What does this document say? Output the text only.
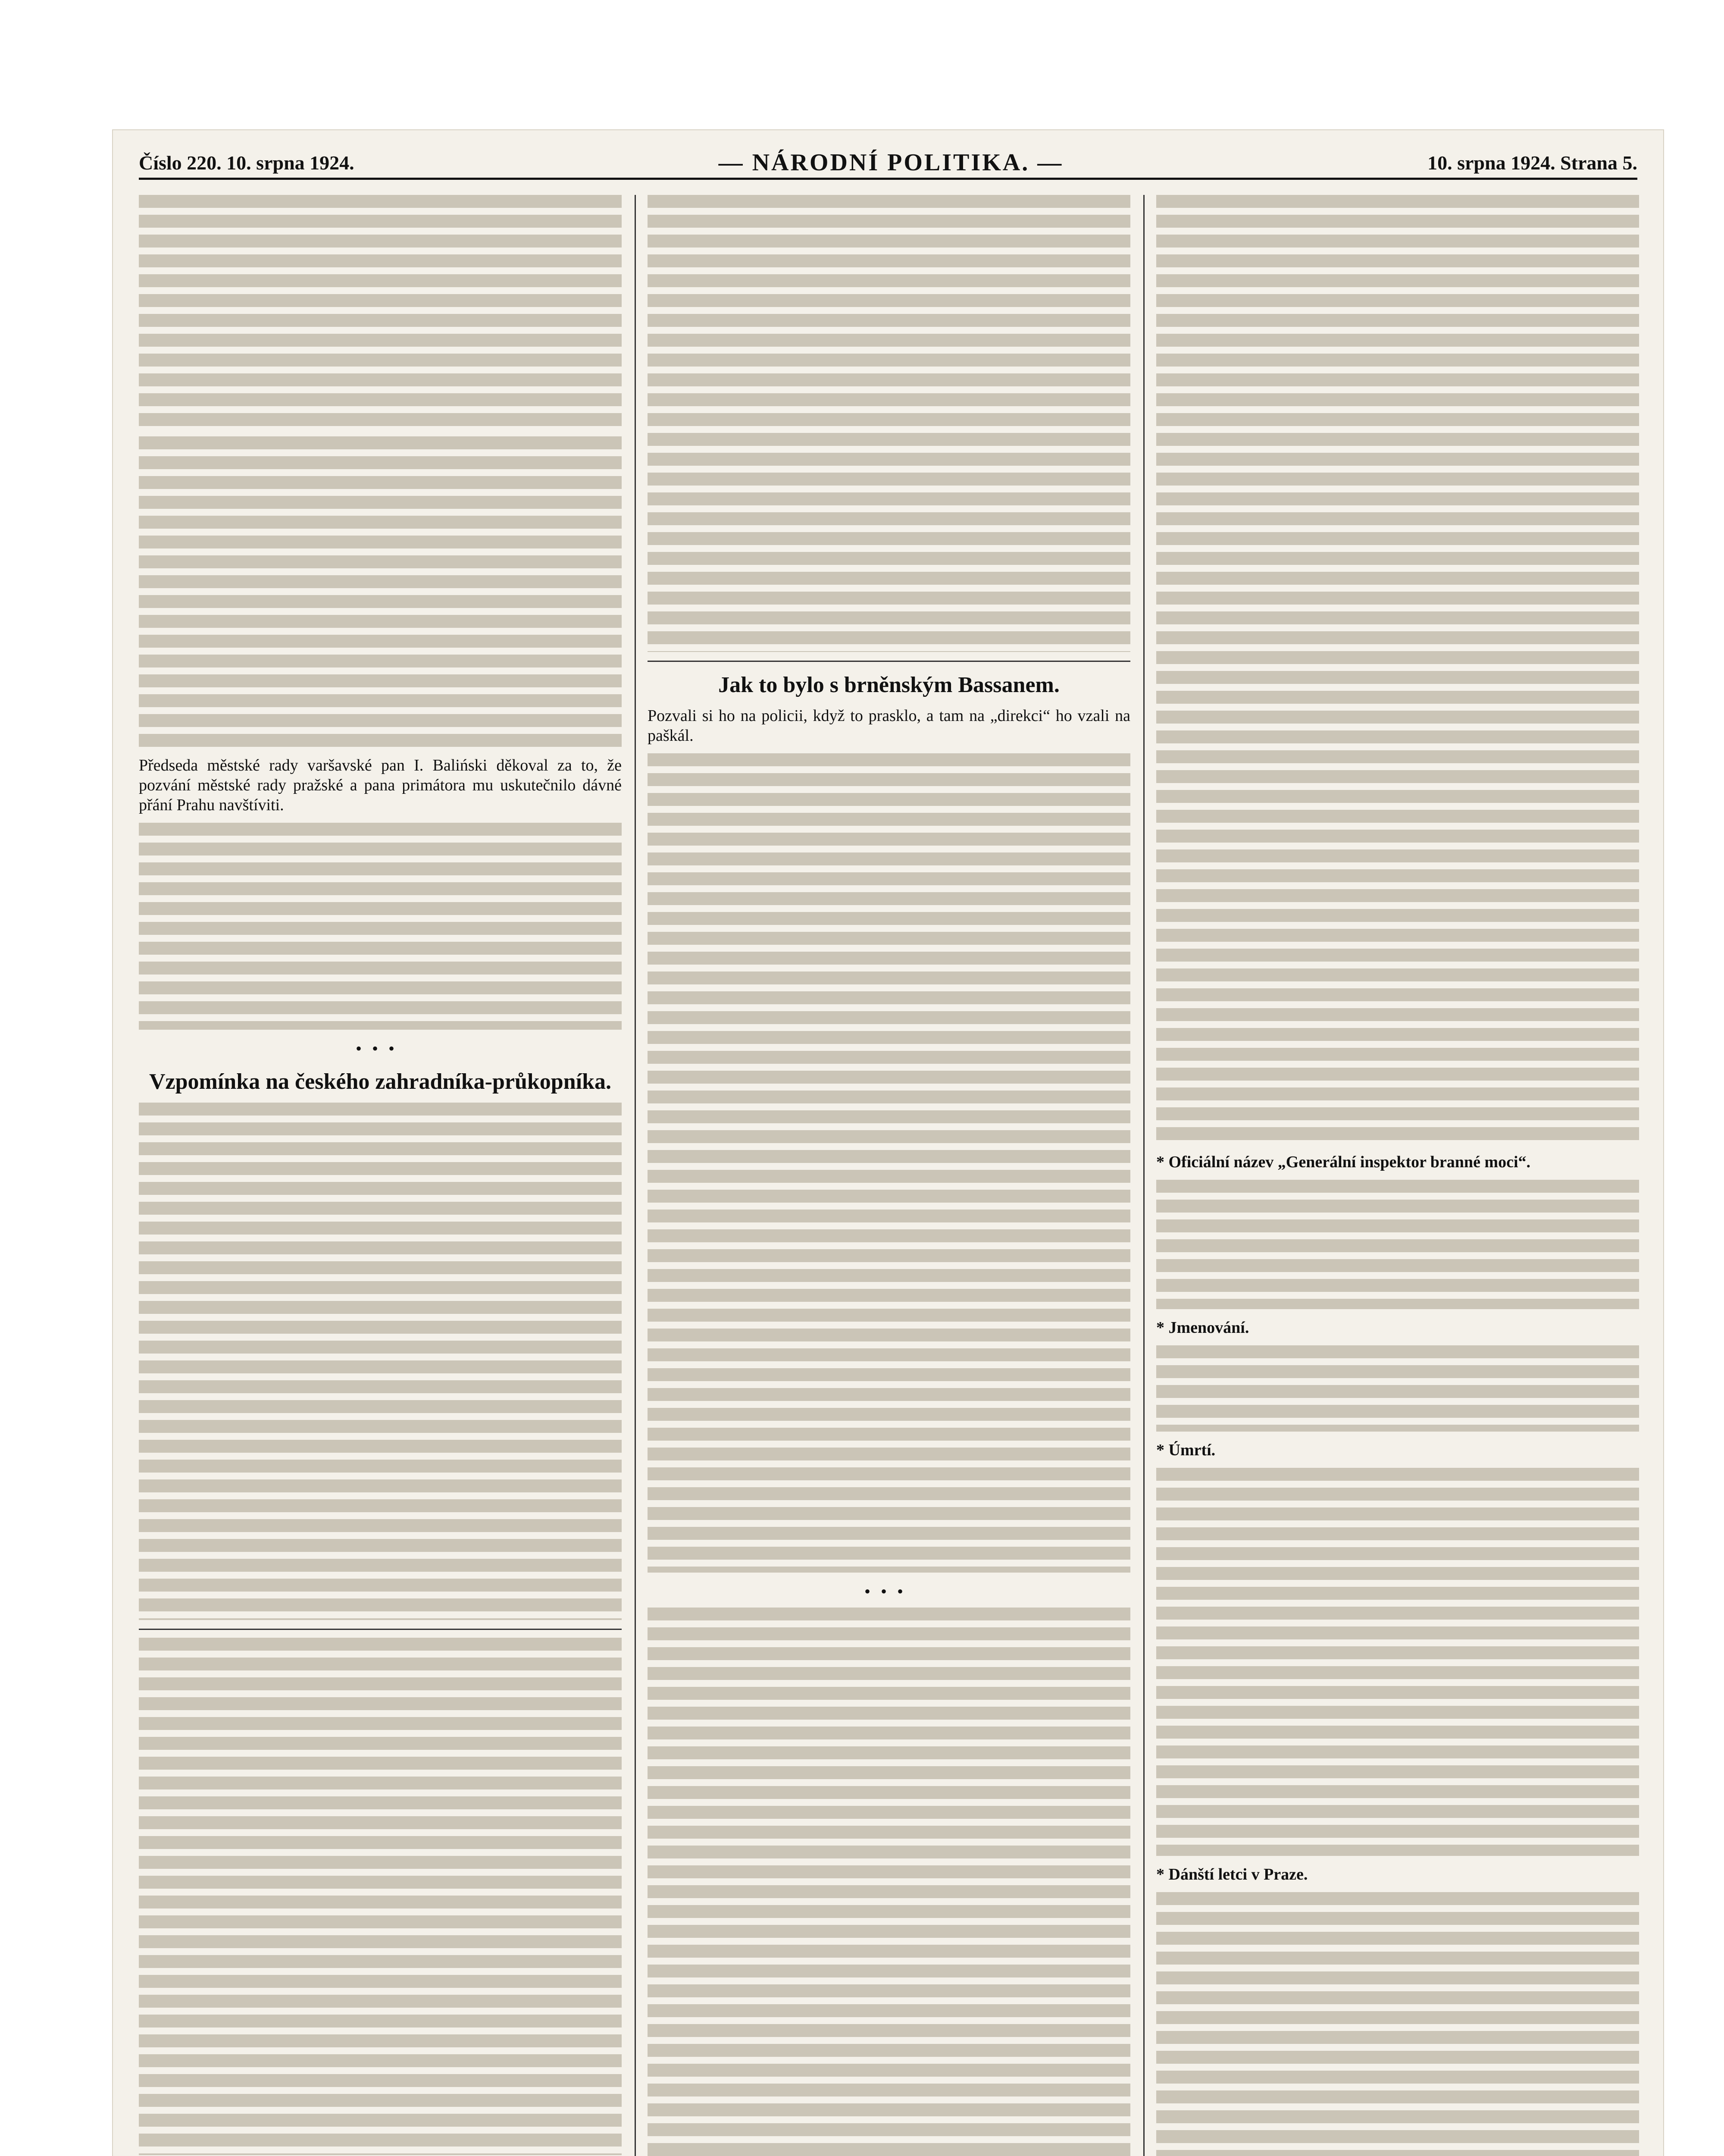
Číslo 220. 10. srpna 1924.	— NÁRODNÍ POLITIKA. —	10. srpna 1924. Strana 5.

Předseda městské rady varšavské pan I. Baliński děkoval za to, že pozvání městské rady pražské a pana primátora mu uskutečnilo dávné přání Prahu navštíviti.

•••
Vzpomínka na českého zahradníka-průkopníka.
Jak to bylo s brněnským Bassanem.

Pozvali si ho na policii, když to prasklo, a tam na „direkci“ ho vzali na paškál.

•••

* Oficiální název „Generální inspektor branné moci“.

* Jmenování.

* Úmrtí.

* Dánští letci v Praze.
